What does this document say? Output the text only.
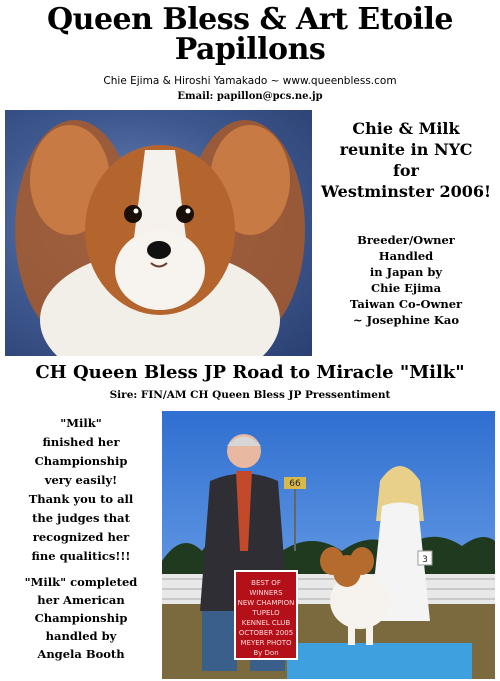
Queen Bless & Art Etoile
Papillons
Chie Ejima & Hiroshi Yamakado ~ www.queenbless.com
Email: papillon@pcs.ne.jp
Chie & Milk
reunite in NYC
for
Westminster 2006!
Breeder/Owner
Handled
in Japan by
Chie Ejima
Taiwan Co-Owner
~ Josephine Kao
CH Queen Bless JP Road to Miracle "Milk"
Sire: FIN/AM CH Queen Bless JP Pressentiment
"Milk"
finished her
Championship
very easily!
Thank you to all
the judges that
recognized her
fine qualitics!!!
"Milk" completed
her American
Championship
handled by
Angela Booth
66
3
BEST OF
WINNERS
NEW CHAMPION
TUPELO
KENNEL CLUB
OCTOBER 2005
MEYER PHOTO
By Don
